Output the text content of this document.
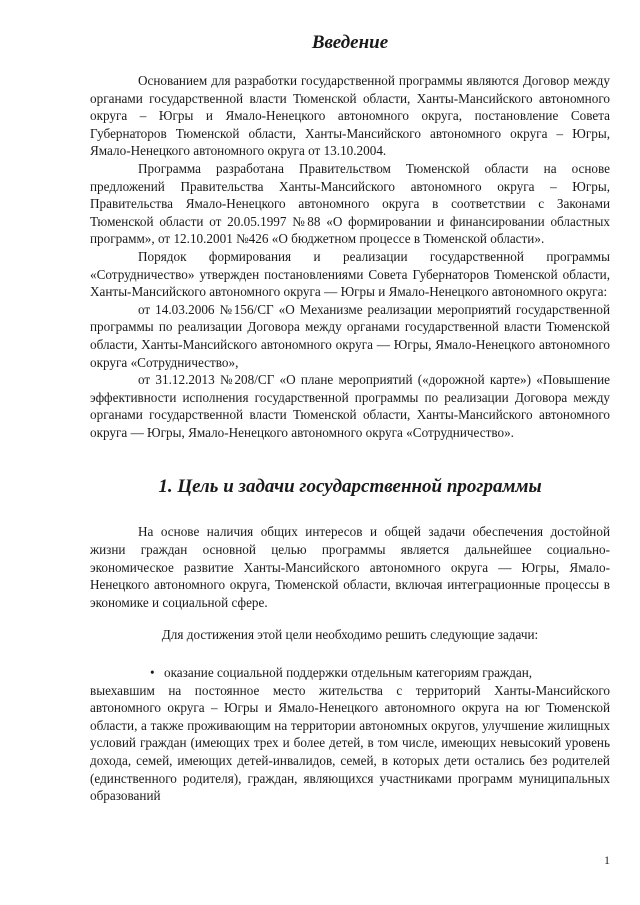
Введение

Основанием для разработки государственной программы являются Договор между органами государственной власти Тюменской области, Ханты-Мансийского автономного округа – Югры и Ямало-Ненецкого автономного округа, постановление Совета Губернаторов Тюменской области, Ханты-Мансийского автономного округа – Югры, Ямало-Ненецкого автономного округа от 13.10.2004.

Программа разработана Правительством Тюменской области на основе предложений Правительства Ханты-Мансийского автономного округа – Югры, Правительства Ямало-Ненецкого автономного округа в соответствии с Законами Тюменской области от 20.05.1997 №88 «О формировании и финансировании областных программ», от 12.10.2001 №426 «О бюджетном процессе в Тюменской области».

Порядок формирования и реализации государственной программы «Сотрудничество» утвержден постановлениями Совета Губернаторов Тюменской области, Ханты-Мансийского автономного округа — Югры и Ямало-Ненецкого автономного округа:

от 14.03.2006 №156/СГ «О Механизме реализации мероприятий государственной программы по реализации Договора между органами государственной власти Тюменской области, Ханты-Мансийского автономного округа — Югры, Ямало-Ненецкого автономного округа «Сотрудничество»,

от 31.12.2013 №208/СГ «О плане мероприятий («дорожной карте») «Повышение эффективности исполнения государственной программы по реализации Договора между органами государственной власти Тюменской области, Ханты-Мансийского автономного округа — Югры, Ямало-Ненецкого автономного округа «Сотрудничество».

1. Цель и задачи государственной программы

На основе наличия общих интересов и общей задачи обеспечения достойной жизни граждан основной целью программы является дальнейшее социально-экономическое развитие Ханты-Мансийского автономного округа — Югры, Ямало-Ненецкого автономного округа, Тюменской области, включая интеграционные процессы в экономике и социальной сфере.

Для достижения этой цели необходимо решить следующие задачи:

• оказание социальной поддержки отдельным категориям граждан,

выехавшим на постоянное место жительства с территорий Ханты-Мансийского автономного округа – Югры и Ямало-Ненецкого автономного округа на юг Тюменской области, а также проживающим на территории автономных округов, улучшение жилищных условий граждан (имеющих трех и более детей, в том числе, имеющих невысокий уровень дохода, семей, имеющих детей-инвалидов, семей, в которых дети остались без родителей (единственного родителя), граждан, являющихся участниками программ муниципальных образований

1
